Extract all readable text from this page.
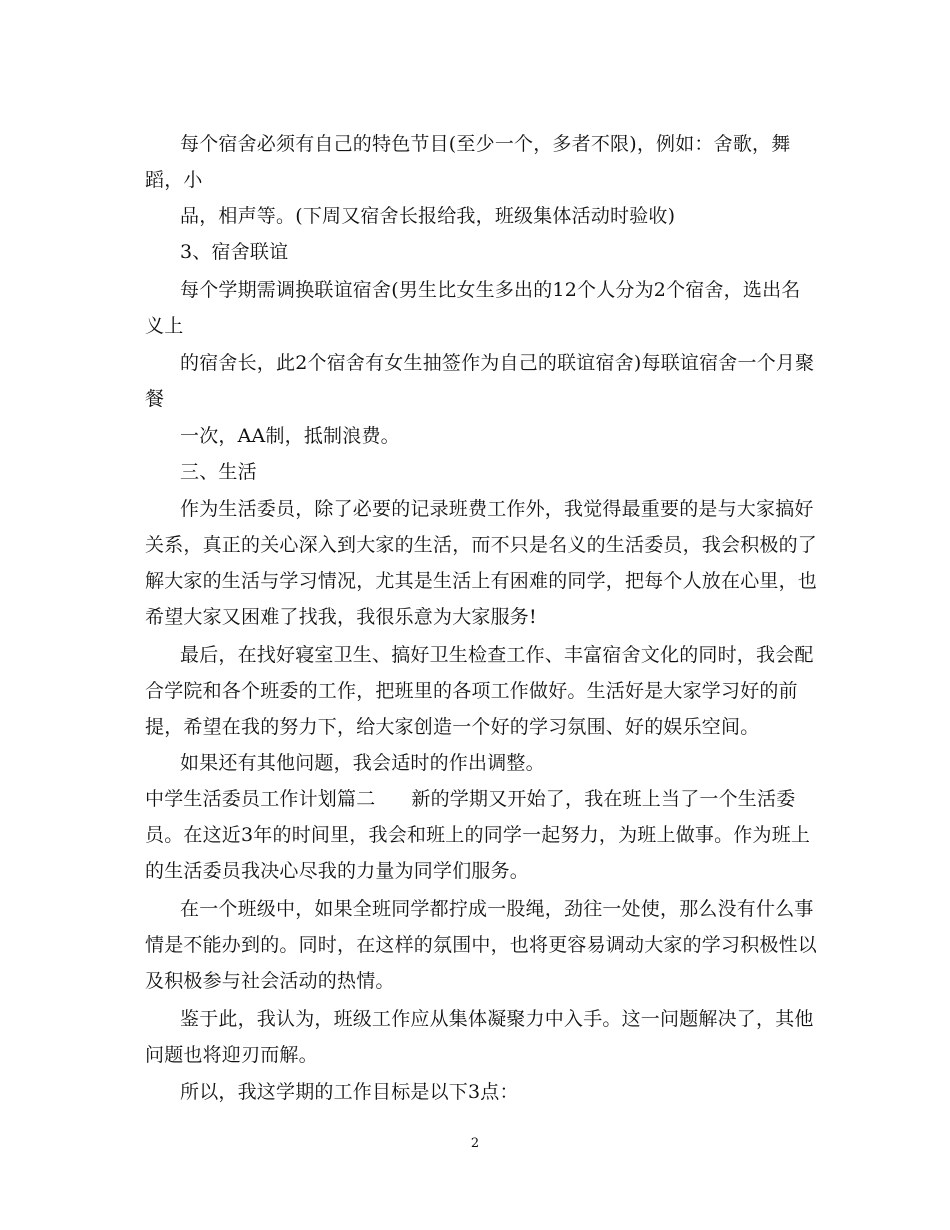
每个宿舍必须有自己的特色节目(至少一个，多者不限)，例如：舍歌，舞
蹈，小
品，相声等。(下周又宿舍长报给我，班级集体活动时验收)
3、宿舍联谊
每个学期需调换联谊宿舍(男生比女生多出的12个人分为2个宿舍，选出名
义上
的宿舍长，此2个宿舍有女生抽签作为自己的联谊宿舍)每联谊宿舍一个月聚
餐
一次，AA制，抵制浪费。
三、生活
作为生活委员，除了必要的记录班费工作外，我觉得最重要的是与大家搞好
关系，真正的关心深入到大家的生活，而不只是名义的生活委员，我会积极的了
解大家的生活与学习情况，尤其是生活上有困难的同学，把每个人放在心里，也
希望大家又困难了找我，我很乐意为大家服务!
最后，在找好寝室卫生、搞好卫生检查工作、丰富宿舍文化的同时，我会配
合学院和各个班委的工作，把班里的各项工作做好。生活好是大家学习好的前
提，希望在我的努力下，给大家创造一个好的学习氛围、好的娱乐空间。
如果还有其他问题，我会适时的作出调整。
中学生活委员工作计划篇二 新的学期又开始了，我在班上当了一个生活委
员。在这近3年的时间里，我会和班上的同学一起努力，为班上做事。作为班上
的生活委员我决心尽我的力量为同学们服务。
在一个班级中，如果全班同学都拧成一股绳，劲往一处使，那么没有什么事
情是不能办到的。同时，在这样的氛围中，也将更容易调动大家的学习积极性以
及积极参与社会活动的热情。
鉴于此，我认为，班级工作应从集体凝聚力中入手。这一问题解决了，其他
问题也将迎刃而解。
所以，我这学期的工作目标是以下3点：
2
